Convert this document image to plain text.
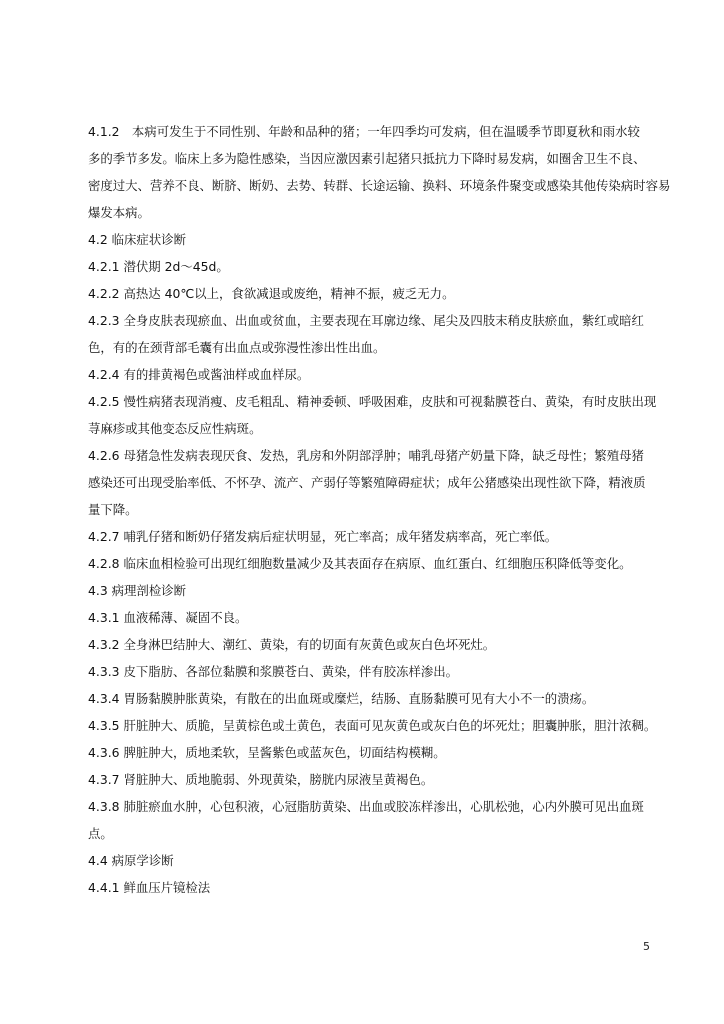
4.1.2　本病可发生于不同性别、年龄和品种的猪；一年四季均可发病，但在温暖季节即夏秋和雨水较
多的季节多发。临床上多为隐性感染，当因应激因素引起猪只抵抗力下降时易发病，如圈舍卫生不良、
密度过大、营养不良、断脐、断奶、去势、转群、长途运输、换料、环境条件聚变或感染其他传染病时容易
爆发本病。
4.2 临床症状诊断
4.2.1 潜伏期 2d～45d。
4.2.2 高热达 40℃以上，食欲减退或废绝，精神不振，疲乏无力。
4.2.3 全身皮肤表现瘀血、出血或贫血，主要表现在耳廓边缘、尾尖及四肢末稍皮肤瘀血，紫红或暗红
色，有的在颈背部毛囊有出血点或弥漫性渗出性出血。
4.2.4 有的排黄褐色或酱油样或血样尿。
4.2.5 慢性病猪表现消瘦、皮毛粗乱、精神委顿、呼吸困难，皮肤和可视黏膜苍白、黄染，有时皮肤出现
荨麻疹或其他变态反应性病斑。
4.2.6 母猪急性发病表现厌食、发热，乳房和外阴部浮肿；哺乳母猪产奶量下降，缺乏母性；繁殖母猪
感染还可出现受胎率低、不怀孕、流产、产弱仔等繁殖障碍症状；成年公猪感染出现性欲下降，精液质
量下降。
4.2.7 哺乳仔猪和断奶仔猪发病后症状明显，死亡率高；成年猪发病率高，死亡率低。
4.2.8 临床血相检验可出现红细胞数量减少及其表面存在病原、血红蛋白、红细胞压积降低等变化。
4.3 病理剖检诊断
4.3.1 血液稀薄、凝固不良。
4.3.2 全身淋巴结肿大、潮红、黄染，有的切面有灰黄色或灰白色坏死灶。
4.3.3 皮下脂肪、各部位黏膜和浆膜苍白、黄染，伴有胶冻样渗出。
4.3.4 胃肠黏膜肿胀黄染，有散在的出血斑或糜烂，结肠、直肠黏膜可见有大小不一的溃疡。
4.3.5 肝脏肿大、质脆，呈黄棕色或土黄色，表面可见灰黄色或灰白色的坏死灶；胆囊肿胀，胆汁浓稠。
4.3.6 脾脏肿大，质地柔软，呈酱紫色或蓝灰色，切面结构模糊。
4.3.7 肾脏肿大、质地脆弱、外现黄染，膀胱内尿液呈黄褐色。
4.3.8 肺脏瘀血水肿，心包积液，心冠脂肪黄染、出血或胶冻样渗出，心肌松弛，心内外膜可见出血斑
点。
4.4 病原学诊断
4.4.1 鲜血压片镜检法
5
